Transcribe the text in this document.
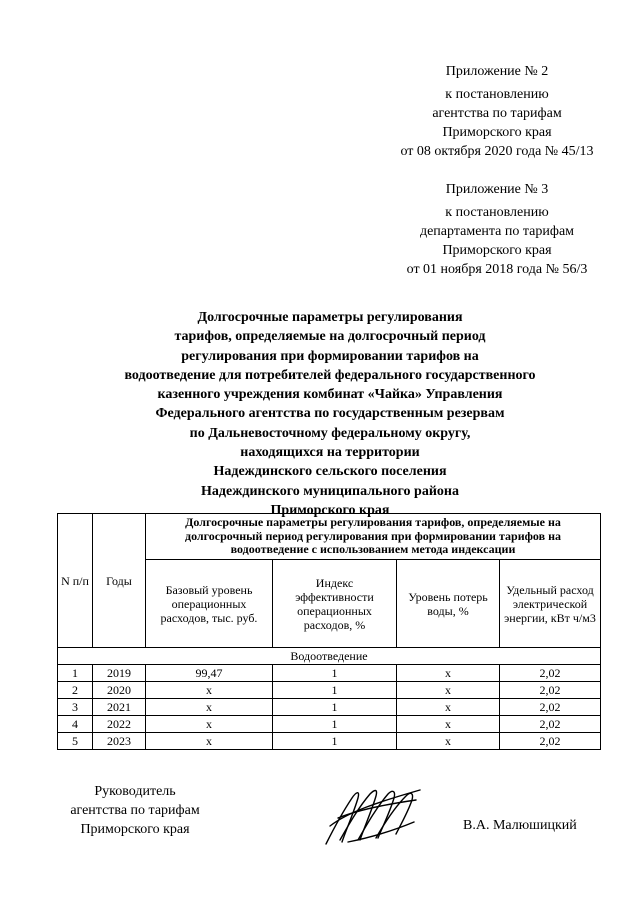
Приложение № 2
к постановлению
агентства по тарифам
Приморского края
от 08 октября 2020 года № 45/13
Приложение № 3
к постановлению
департамента по тарифам
Приморского края
от 01 ноября 2018 года № 56/3
Долгосрочные параметры регулирования
тарифов, определяемые на долгосрочный период
регулирования при формировании тарифов на
водоотведение для потребителей федерального государственного
казенного учреждения комбинат «Чайка» Управления
Федерального агентства по государственным резервам
по Дальневосточному федеральному округу,
находящихся на территории
Надеждинского сельского поселения
Надеждинского муниципального района
Приморского края
N п/п	Годы	Долгосрочные параметры регулирования тарифов, определяемые на долгосрочный период регулирования при формировании тарифов на водоотведение с использованием метода индексации			
		Базовый уровень операционных расходов, тыс. руб.	Индекс эффективности операционных расходов, %	Уровень потерь воды, %	Удельный расход электрической энергии, кВт ч/м3
Водоотведение					
1	2019	99,47	1	х	2,02
2	2020	х	1	х	2,02
3	2021	х	1	х	2,02
4	2022	х	1	х	2,02
5	2023	х	1	х	2,02
Руководитель
агентства по тарифам
Приморского края	В.А. Малюшицкий
